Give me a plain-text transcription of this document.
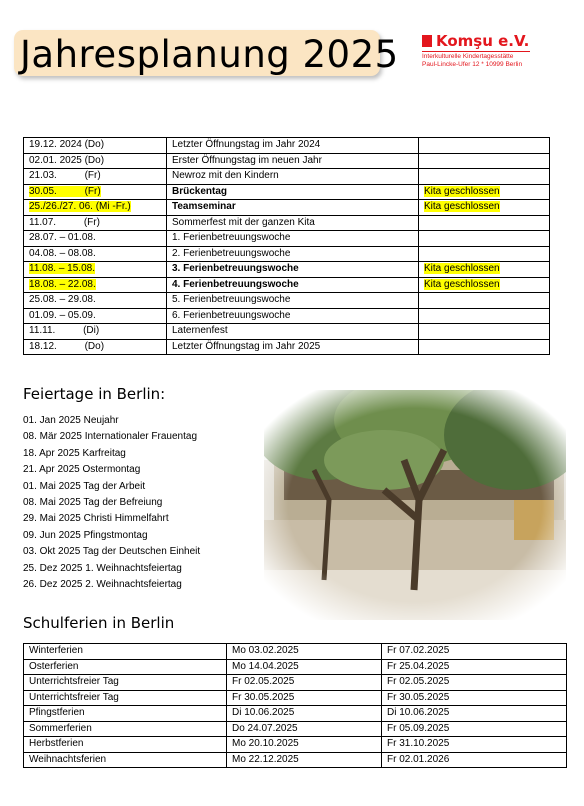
Jahresplanung 2025 Komşu e.V.
Interkulturelle Kindertagesstätte
Paul-Lincke-Ufer 12 * 10999 Berlin
19.12. 2024 (Do)	Letzter Öffnungstag im Jahr 2024	
02.01. 2025 (Do)	Erster Öffnungstag im neuen Jahr	
21.03.          (Fr)	Newroz mit den Kindern	
30.05.          (Fr)	Brückentag	Kita geschlossen
25./26./27. 06. (Mi -Fr.)	Teamseminar	Kita geschlossen
11.07.          (Fr)	Sommerfest mit der ganzen Kita	
28.07. – 01.08.	1. Ferienbetreuungswoche	
04.08. – 08.08.	2. Ferienbetreuungswoche	
11.08. – 15.08.	3. Ferienbetreuungswoche	Kita geschlossen
18.08. – 22.08.	4. Ferienbetreuungswoche	Kita geschlossen
25.08. – 29.08.	5. Ferienbetreuungswoche	
01.09. – 05.09.	6. Ferienbetreuungswoche	
11.11.          (Di)	Laternenfest	
18.12.          (Do)	Letzter Öffnungstag im Jahr 2025	
Feiertage in Berlin:
01. Jan 2025 Neujahr
08. Mär 2025 Internationaler Frauentag
18. Apr 2025 Karfreitag
21. Apr 2025 Ostermontag
01. Mai 2025 Tag der Arbeit
08. Mai 2025 Tag der Befreiung
29. Mai 2025 Christi Himmelfahrt
09. Jun 2025 Pfingstmontag
03. Okt 2025 Tag der Deutschen Einheit
25. Dez 2025 1. Weihnachtsfeiertag
26. Dez 2025 2. Weihnachtsfeiertag
Schulferien in Berlin
Winterferien	Mo 03.02.2025	Fr 07.02.2025
Osterferien	Mo 14.04.2025	Fr 25.04.2025
Unterrichtsfreier Tag	Fr 02.05.2025	Fr 02.05.2025
Unterrichtsfreier Tag	Fr 30.05.2025	Fr 30.05.2025
Pfingstferien	Di 10.06.2025	Di 10.06.2025
Sommerferien	Do 24.07.2025	Fr 05.09.2025
Herbstferien	Mo 20.10.2025	Fr 31.10.2025
Weihnachtsferien	Mo 22.12.2025	Fr 02.01.2026
